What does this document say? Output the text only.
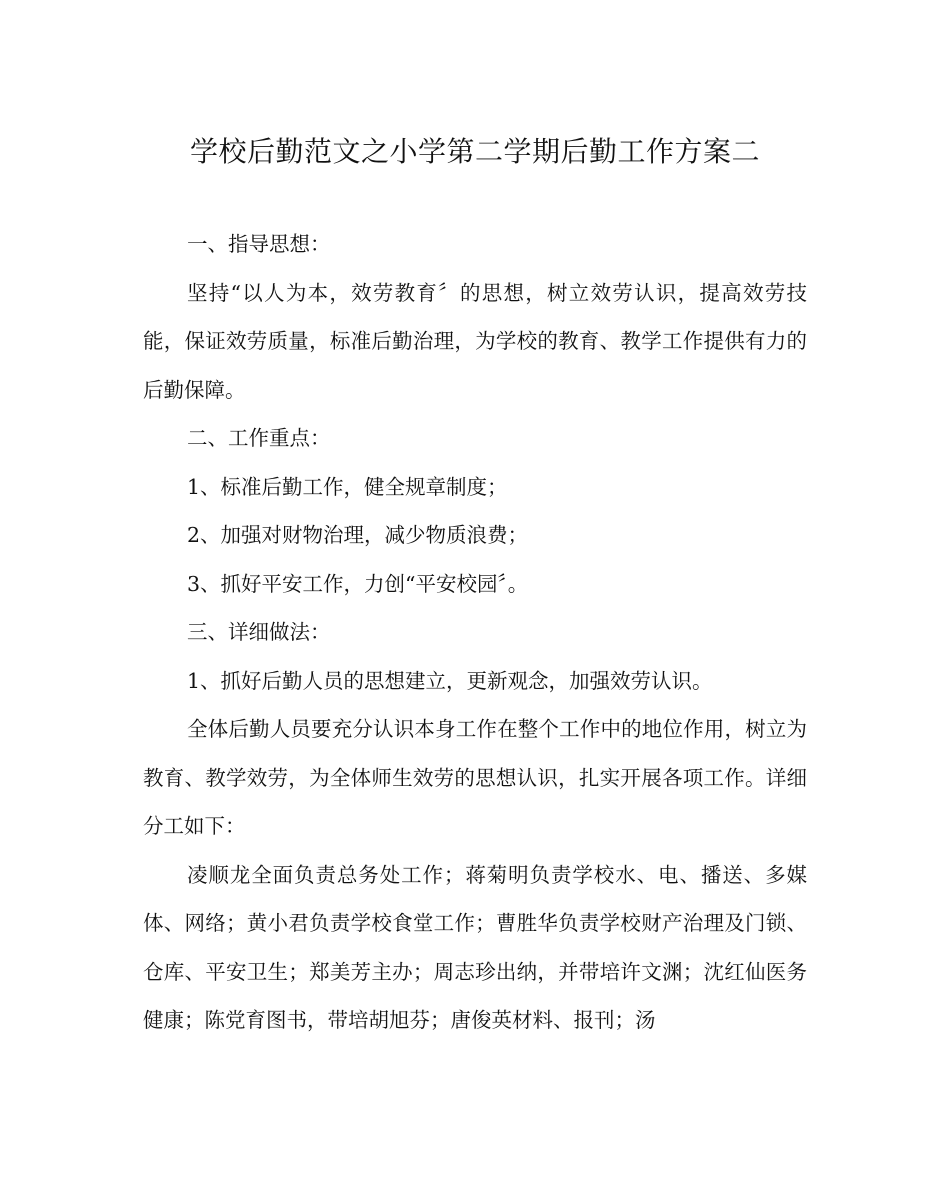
学校后勤范文之小学第二学期后勤工作方案二

一、指导思想：

坚持“以人为本，效劳教育〞的思想，树立效劳认识，提高效劳技能，保证效劳质量，标准后勤治理，为学校的教育、教学工作提供有力的后勤保障。

二、工作重点：

1、标准后勤工作，健全规章制度；

2、加强对财物治理，减少物质浪费；

3、抓好平安工作，力创“平安校园〞。

三、详细做法：

1、抓好后勤人员的思想建立，更新观念，加强效劳认识。

全体后勤人员要充分认识本身工作在整个工作中的地位作用，树立为教育、教学效劳，为全体师生效劳的思想认识，扎实开展各项工作。详细分工如下：

凌顺龙全面负责总务处工作；蒋菊明负责学校水、电、播送、多媒体、网络；黄小君负责学校食堂工作；曹胜华负责学校财产治理及门锁、仓库、平安卫生；郑美芳主办；周志珍出纳，并带培许文渊；沈红仙医务健康；陈党育图书，带培胡旭芬；唐俊英材料、报刊；汤
